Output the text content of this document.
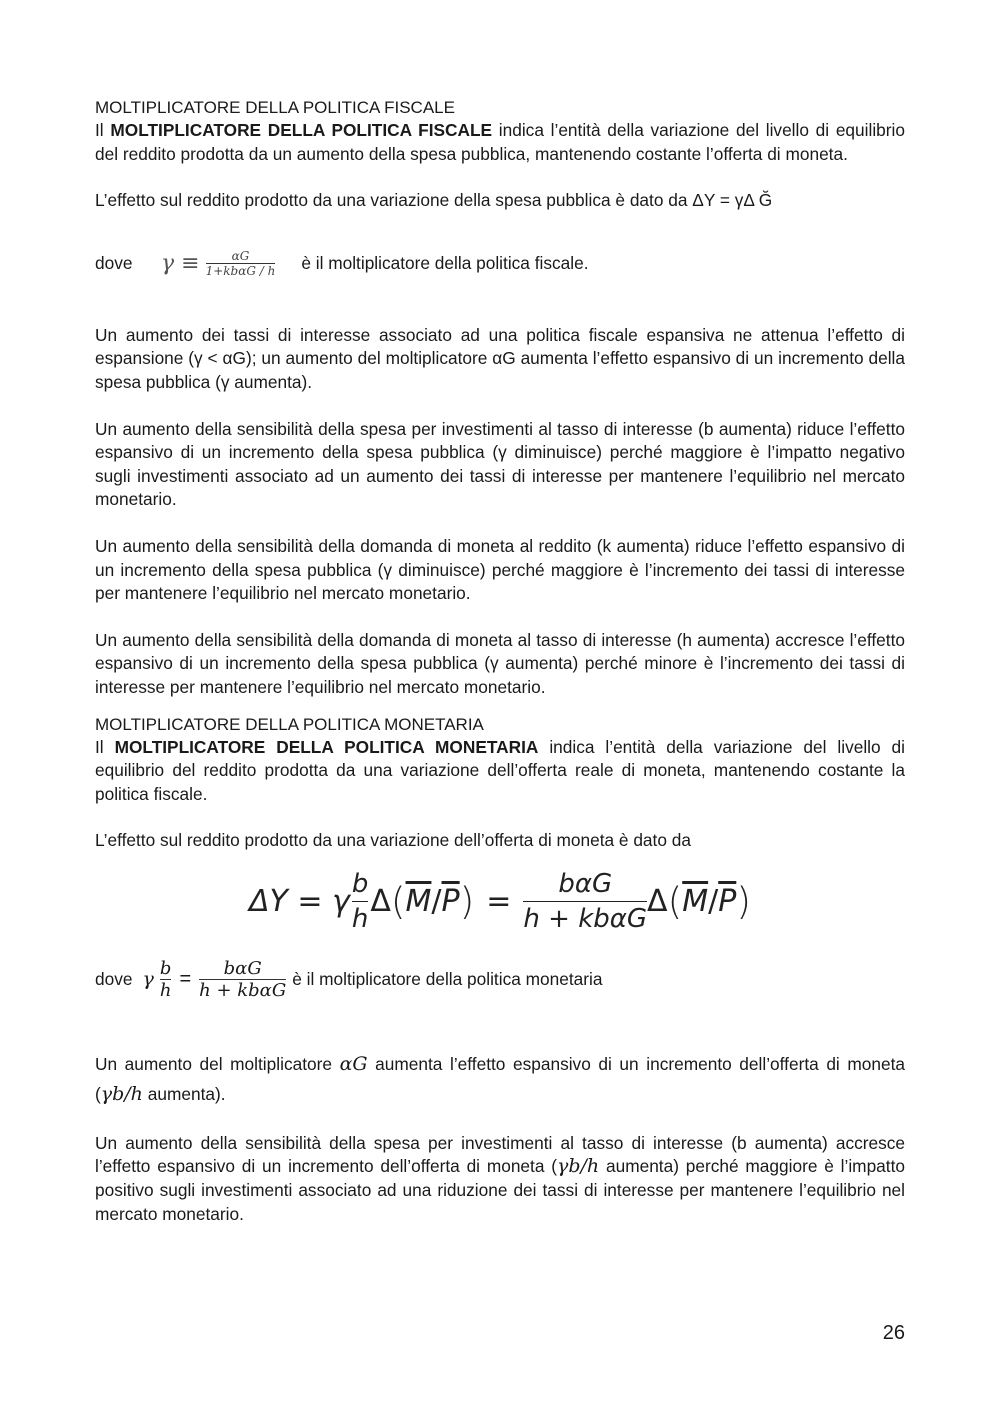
MOLTIPLICATORE DELLA POLITICA FISCALE

Il MOLTIPLICATORE DELLA POLITICA FISCALE indica l’entità della variazione del livello di equilibrio del reddito prodotta da un aumento della spesa pubblica, mantenendo costante l’offerta di moneta.

L’effetto sul reddito prodotto da una variazione della spesa pubblica è dato da ΔY = γΔ Ğ

dove	$\gamma \equiv \frac{\alpha G}{\text{1+kbαG / h}}$ è il moltiplicatore della politica fiscale.

Un aumento dei tassi di interesse associato ad una politica fiscale espansiva ne attenua l’effetto di espansione (γ < αG); un aumento del moltiplicatore αG aumenta l’effetto espansivo di un incremento della spesa pubblica (γ aumenta).

Un aumento della sensibilità della spesa per investimenti al tasso di interesse (b aumenta) riduce l’effetto espansivo di un incremento della spesa pubblica (γ diminuisce) perché maggiore è l’impatto negativo sugli investimenti associato ad un aumento dei tassi di interesse per mantenere l’equilibrio nel mercato monetario.

Un aumento della sensibilità della domanda di moneta al reddito (k aumenta) riduce l’effetto espansivo di un incremento della spesa pubblica (γ diminuisce) perché maggiore è l’incremento dei tassi di interesse per mantenere l’equilibrio nel mercato monetario.

Un aumento della sensibilità della domanda di moneta al tasso di interesse (h aumenta) accresce l’effetto espansivo di un incremento della spesa pubblica (γ aumenta) perché minore è l’incremento dei tassi di interesse per mantenere l’equilibrio nel mercato monetario.

MOLTIPLICATORE DELLA POLITICA MONETARIA

Il MOLTIPLICATORE DELLA POLITICA MONETARIA indica l’entità della variazione del livello di equilibrio del reddito prodotta da una variazione dell’offerta reale di moneta, mantenendo costante la politica fiscale.

L’effetto sul reddito prodotto da una variazione dell’offerta di moneta è dato da

ΔY = γ $\frac{b}{h}$ Δ ( $\overline{M} / \overline{P}$ ) = $\frac{\text{bαG}}{\text{h + kbαG}}$ Δ ( $\overline{M} / \overline{P}$ )
dove γ $\frac{b}{h} = \frac{\text{bαG}}{\text{h + kbαG}}$ è il moltiplicatore della politica monetaria

Un aumento del moltiplicatore αG aumenta l’effetto espansivo di un incremento dell’offerta di moneta (γb/h aumenta).

Un aumento della sensibilità della spesa per investimenti al tasso di interesse (b aumenta) accresce l’effetto espansivo di un incremento dell’offerta di moneta (γb/h aumenta) perché maggiore è l’impatto positivo sugli investimenti associato ad una riduzione dei tassi di interesse per mantenere l’equilibrio nel mercato monetario.

26
